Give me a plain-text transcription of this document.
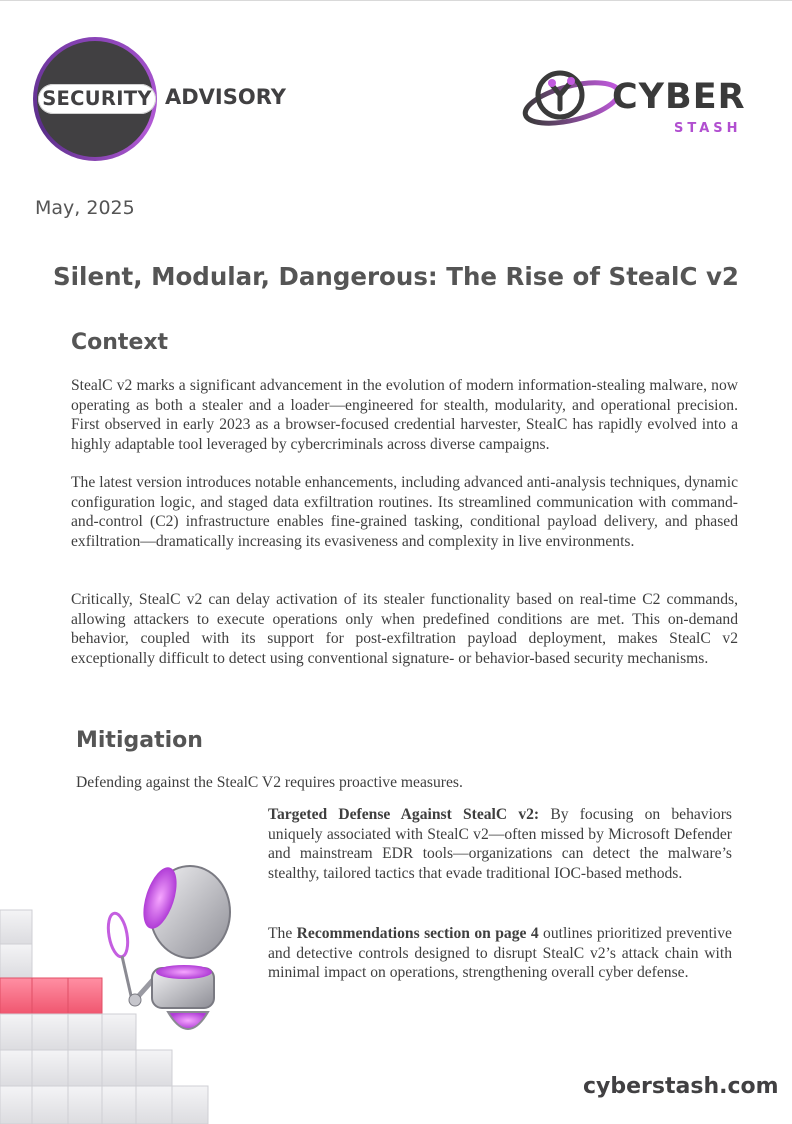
SECURITY ADVISORY	CYBER
STASH
May, 2025
Silent, Modular, Dangerous: The Rise of StealC v2
Context

StealC v2 marks a significant advancement in the evolution of modern information-stealing malware, now operating as both a stealer and a loader—engineered for stealth, modularity, and operational precision. First observed in early 2023 as a browser-focused credential harvester, StealC has rapidly evolved into a highly adaptable tool leveraged by cybercriminals across diverse campaigns.

The latest version introduces notable enhancements, including advanced anti-analysis techniques, dynamic configuration logic, and staged data exfiltration routines. Its streamlined communication with command-and-control (C2) infrastructure enables fine-grained tasking, conditional payload delivery, and phased exfiltration—dramatically increasing its evasiveness and complexity in live environments.

Critically, StealC v2 can delay activation of its stealer functionality based on real-time C2 commands, allowing attackers to execute operations only when predefined conditions are met. This on-demand behavior, coupled with its support for post-exfiltration payload deployment, makes StealC v2 exceptionally difficult to detect using conventional signature- or behavior-based security mechanisms.

Mitigation

Defending against the StealC V2 requires proactive measures.

Targeted Defense Against StealC v2: By focusing on behaviors uniquely associated with StealC v2—often missed by Microsoft Defender and mainstream EDR tools—organizations can detect the malware’s stealthy, tailored tactics that evade traditional IOC-based methods.

The Recommendations section on page 4 outlines prioritized preventive and detective controls designed to disrupt StealC v2’s attack chain with minimal impact on operations, strengthening overall cyber defense.

cyberstash.com
